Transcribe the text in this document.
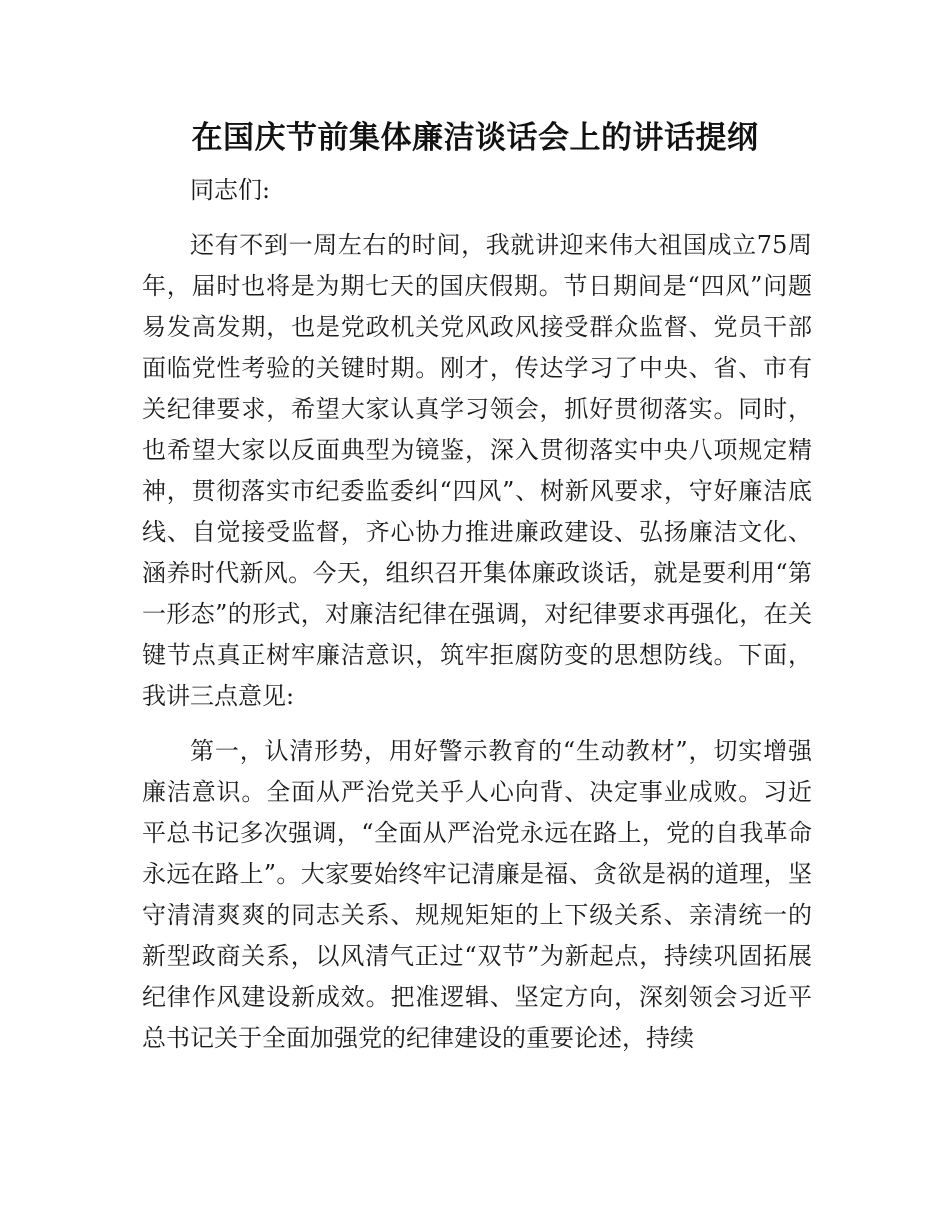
在国庆节前集体廉洁谈话会上的讲话提纲

同志们:

还有不到一周左右的时间，我就讲迎来伟大祖国成立75周年，届时也将是为期七天的国庆假期。节日期间是“四风”问题易发高发期，也是党政机关党风政风接受群众监督、党员干部面临党性考验的关键时期。刚才，传达学习了中央、省、市有关纪律要求，希望大家认真学习领会，抓好贯彻落实。同时，也希望大家以反面典型为镜鉴，深入贯彻落实中央八项规定精神，贯彻落实市纪委监委纠“四风”、树新风要求，守好廉洁底线、自觉接受监督，齐心协力推进廉政建设、弘扬廉洁文化、涵养时代新风。今天，组织召开集体廉政谈话，就是要利用“第一形态”的形式，对廉洁纪律在强调，对纪律要求再强化，在关键节点真正树牢廉洁意识，筑牢拒腐防变的思想防线。下面，我讲三点意见:

第一，认清形势，用好警示教育的“生动教材”，切实增强廉洁意识。全面从严治党关乎人心向背、决定事业成败。习近平总书记多次强调，“全面从严治党永远在路上，党的自我革命永远在路上”。大家要始终牢记清廉是福、贪欲是祸的道理，坚守清清爽爽的同志关系、规规矩矩的上下级关系、亲清统一的新型政商关系，以风清气正过“双节”为新起点，持续巩固拓展纪律作风建设新成效。把准逻辑、坚定方向，深刻领会习近平总书记关于全面加强党的纪律建设的重要论述，持续
